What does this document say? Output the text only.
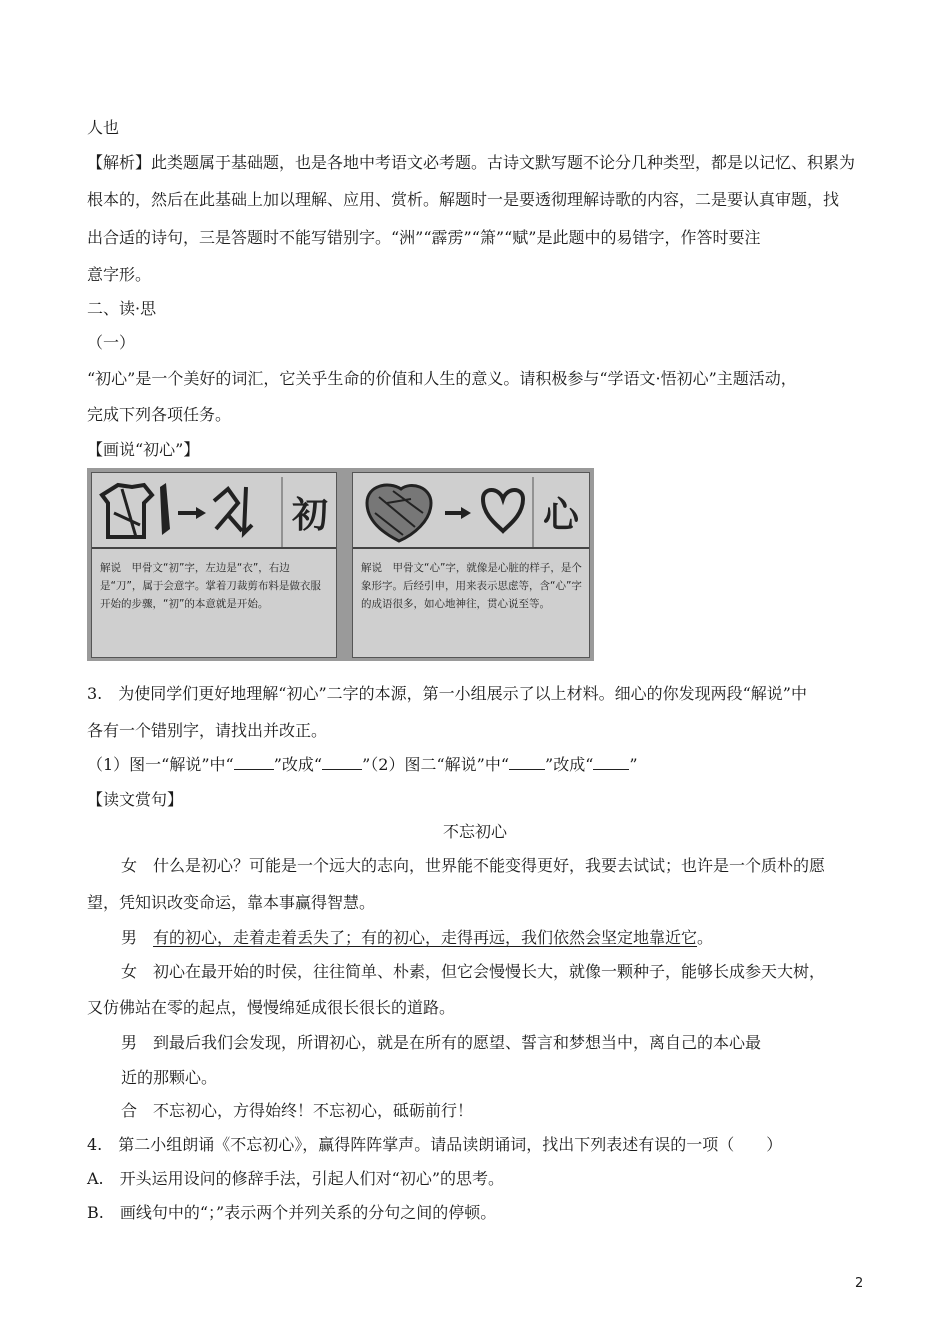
人也
【解析】此类题属于基础题，也是各地中考语文必考题。古诗文默写题不论分几种类型，都是以记忆、积累为
根本的，然后在此基础上加以理解、应用、赏析。解题时一是要透彻理解诗歌的内容，二是要认真审题，找
出合适的诗句，三是答题时不能写错别字。“洲”“霹雳”“箫”“赋”是此题中的易错字，作答时要注
意字形。
二、读·思
（一）
“初心”是一个美好的词汇，它关乎生命的价值和人生的意义。请积极参与“学语文·悟初心”主题活动，
完成下列各项任务。
【画说“初心”】
初
解说　甲骨文“初”字，左边是“衣”，右边是“刀”，属于会意字。掌着刀裁剪布料是做衣服开始的步骤，“初”的本意就是开始。
心
解说　甲骨文“心”字，就像是心脏的样子，是个象形字。后经引申，用来表示思虑等，含“心”字的成语很多，如心地神往，贯心说至等。
3.　为使同学们更好地理解“初心”二字的本源，第一小组展示了以上材料。细心的你发现两段“解说”中
各有一个错别字，请找出并改正。
（1）图一“解说”中“	”改成“	”（2）图二“解说”中“ ”改成“ ”
【读文赏句】
不忘初心
女　什么是初心？可能是一个远大的志向，世界能不能变得更好，我要去试试；也许是一个质朴的愿
望，凭知识改变命运，靠本事赢得智慧。
男　有的初心，走着走着丢失了；有的初心，走得再远，我们依然会坚定地靠近它。
女　初心在最开始的时侯，往往简单、朴素，但它会慢慢长大，就像一颗种子，能够长成参天大树，
又仿佛站在零的起点，慢慢绵延成很长很长的道路。
男　到最后我们会发现，所谓初心，就是在所有的愿望、誓言和梦想当中，离自己的本心最
近的那颗心。
合　不忘初心，方得始终！不忘初心，砥砺前行！
4.　第二小组朗诵《不忘初心》，赢得阵阵掌声。请品读朗诵词，找出下列表述有误的一项（　　）
A.　开头运用设问的修辞手法，引起人们对“初心”的思考。
B.　画线句中的“；”表示两个并列关系的分句之间的停顿。
2
